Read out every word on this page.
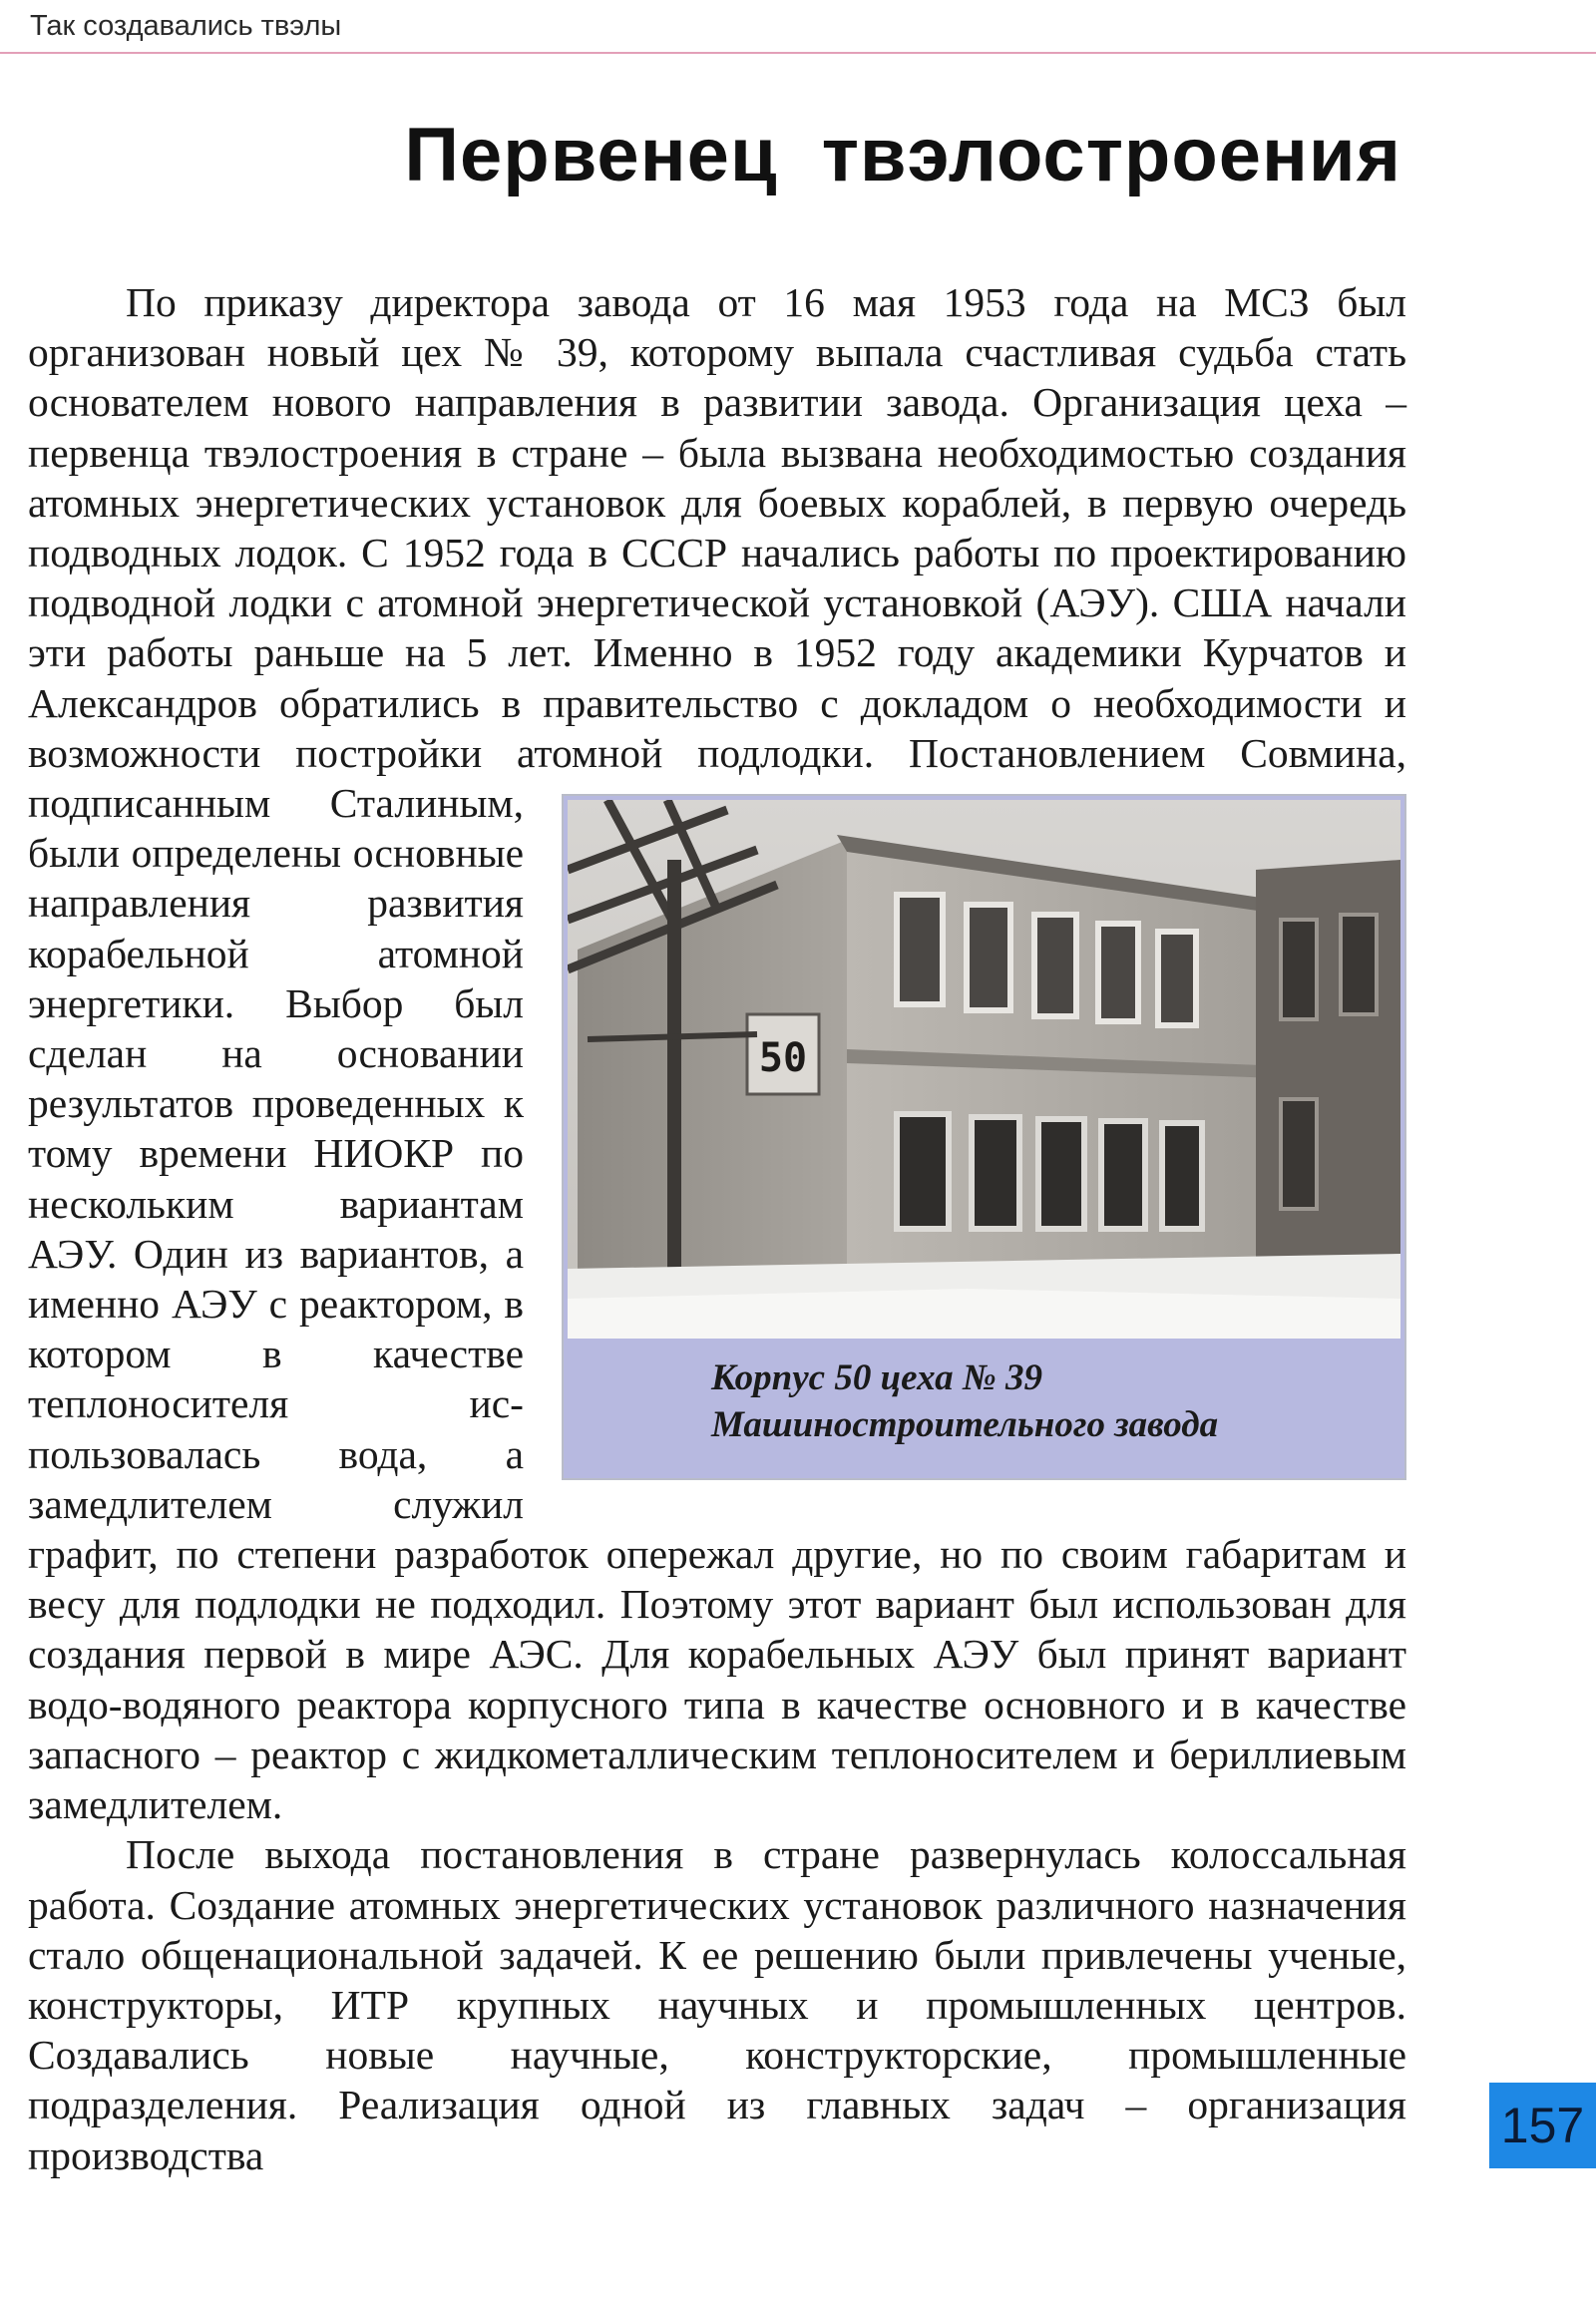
Так создавались твэлы
Первенец твэлостроения

По приказу директора завода от 16 мая 1953 года на МСЗ был организован новый цех № 39, которому выпала счастливая судьба стать основателем нового направления в развитии завода. Организация цеха – первенца твэлостроения в стране – была вызвана необходимостью создания атомных энергетических установок для боевых кораблей, в первую очередь подводных лодок. С 1952 года в СССР начались работы по проектированию подводной лодки с атомной энергетической установкой (АЭУ). США начали эти работы раньше на 5 лет. Именно в 1952 году академики Курчатов и Александров обратились в правительство с докладом о необходимости и возможности постройки атомной подлодки. Постановле
50
Корпус 50 цеха № 39
Машиностроительного завода
нием Совмина, подписанным Сталиным, были определены основные направления развития корабельной атомной энергетики. Выбор был сделан на основании результатов проведенных к тому времени НИОКР по нескольким вариантам АЭУ. Один из вариантов, а именно АЭУ с реактором, в котором в качестве теплоносителя использовалась вода, а замедлителем служил графит, по степени разработок опережал другие, но по своим габаритам и весу для подлодки не подходил. Поэтому этот вариант был использован для создания первой в мире АЭС. Для корабельных АЭУ был принят вариант водо-водяного реактора корпусного типа в качестве основного и в качестве запасного – реактор с жидкометаллическим теплоносителем и бериллиевым замедлителем.

После выхода постановления в стране развернулась колоссальная работа. Создание атомных энергетических установок различного назначения стало общенациональной задачей. К ее решению были привлечены ученые, конструкторы, ИТР крупных научных и промышленных центров. Создавались новые научные, конструкторские, промышленные подразделения. Реализация одной из главных задач – организация производства

157
